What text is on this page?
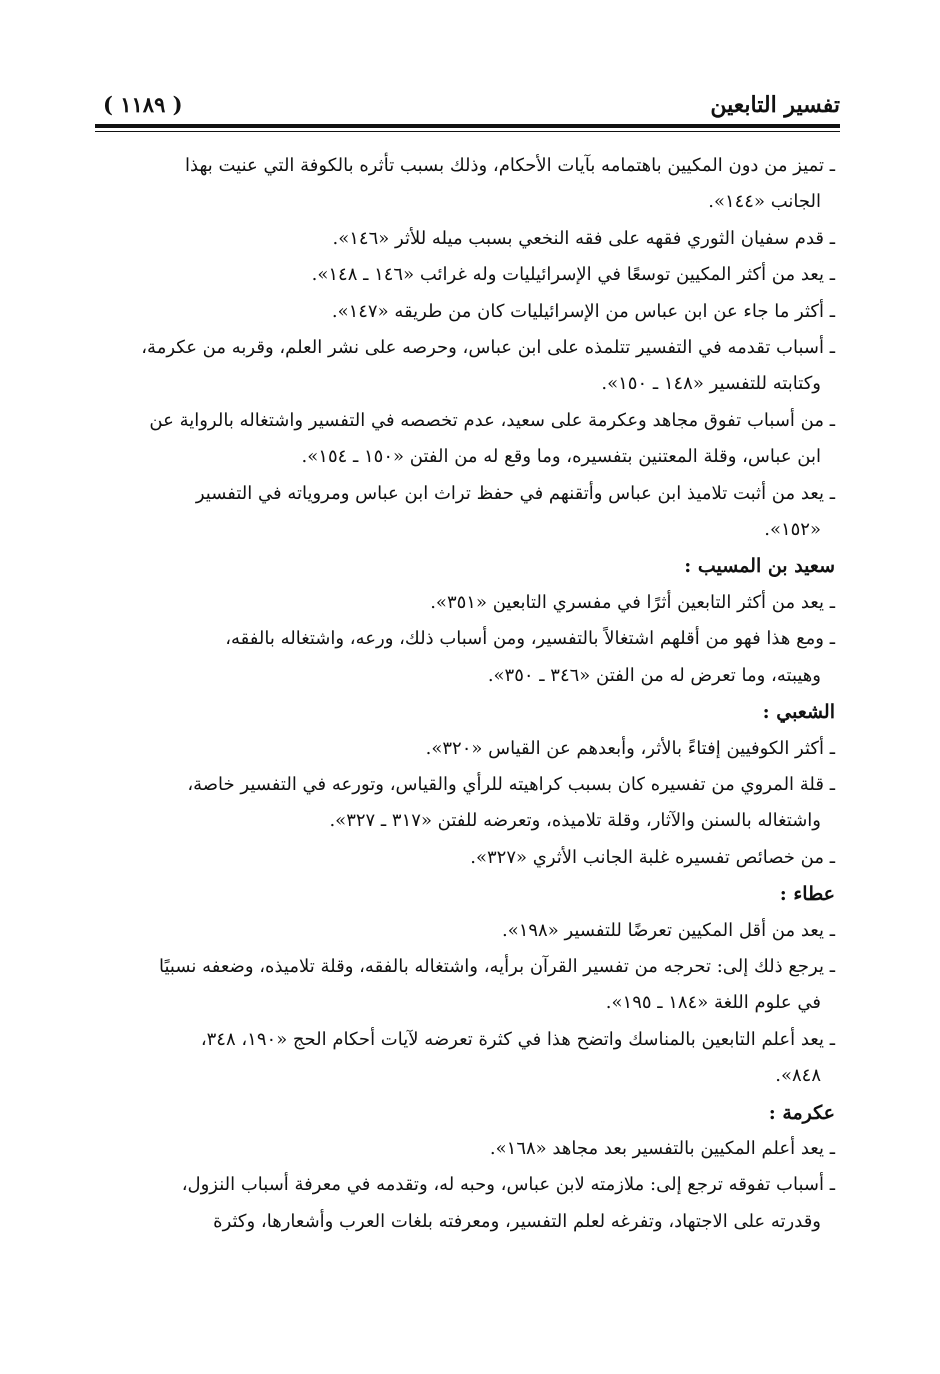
تفسير التابعين
( ١١٨٩ )
ـ تميز من دون المكيين باهتمامه بآيات الأحكام، وذلك بسبب تأثره بالكوفة التي عنيت بهذا
الجانب «١٤٤».
ـ قدم سفيان الثوري فقهه على فقه النخعي بسبب ميله للأثر «١٤٦».
ـ يعد من أكثر المكيين توسعًا في الإسرائيليات وله غرائب «١٤٦ ـ ١٤٨».
ـ أكثر ما جاء عن ابن عباس من الإسرائيليات كان من طريقه «١٤٧».
ـ أسباب تقدمه في التفسير تتلمذه على ابن عباس، وحرصه على نشر العلم، وقربه من عكرمة،
وكتابته للتفسير «١٤٨ ـ ١٥٠».
ـ من أسباب تفوق مجاهد وعكرمة على سعيد، عدم تخصصه في التفسير واشتغاله بالرواية عن
ابن عباس، وقلة المعتنين بتفسيره، وما وقع له من الفتن «١٥٠ ـ ١٥٤».
ـ يعد من أثبت تلاميذ ابن عباس وأتقنهم في حفظ تراث ابن عباس ومروياته في التفسير
«١٥٢».
سعيد بن المسيب :
ـ يعد من أكثر التابعين أثرًا في مفسري التابعين «٣٥١».
ـ ومع هذا فهو من أقلهم اشتغالاً بالتفسير، ومن أسباب ذلك، ورعه، واشتغاله بالفقه،
وهيبته، وما تعرض له من الفتن «٣٤٦ ـ ٣٥٠».
الشعبي :
ـ أكثر الكوفيين إفتاءً بالأثر، وأبعدهم عن القياس «٣٢٠».
ـ قلة المروي من تفسيره كان بسبب كراهيته للرأي والقياس، وتورعه في التفسير خاصة،
واشتغاله بالسنن والآثار، وقلة تلاميذه، وتعرضه للفتن «٣١٧ ـ ٣٢٧».
ـ من خصائص تفسيره غلبة الجانب الأثري «٣٢٧».
عطاء :
ـ يعد من أقل المكيين تعرضًا للتفسير «١٩٨».
ـ يرجع ذلك إلى: تحرجه من تفسير القرآن برأيه، واشتغاله بالفقه، وقلة تلاميذه، وضعفه نسبيًا
في علوم اللغة «١٨٤ ـ ١٩٥».
ـ يعد أعلم التابعين بالمناسك واتضح هذا في كثرة تعرضه لآيات أحكام الحج «١٩٠، ٣٤٨،
٨٤٨».
عكرمة :
ـ يعد أعلم المكيين بالتفسير بعد مجاهد «١٦٨».
ـ أسباب تفوقه ترجع إلى: ملازمته لابن عباس، وحبه له، وتقدمه في معرفة أسباب النزول،
وقدرته على الاجتهاد، وتفرغه لعلم التفسير، ومعرفته بلغات العرب وأشعارها، وكثرة
